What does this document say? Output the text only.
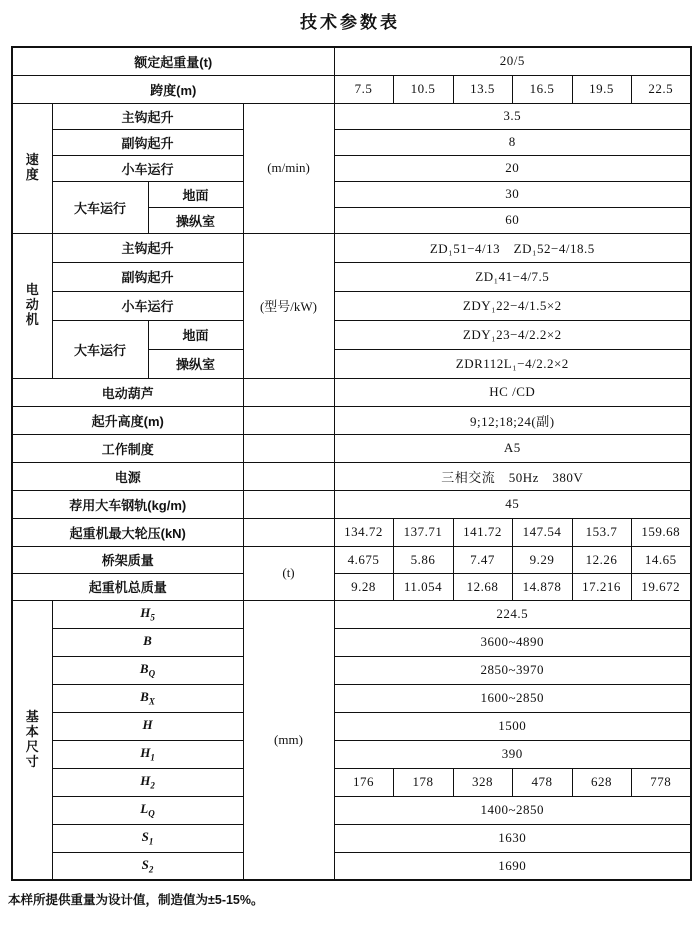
技术参数表
额定起重量(t)				20/5					
跨度(m)				7.5	10.5	13.5	16.5	19.5	22.5

速度	主钩起升		(m/min)	3.5					
	副钩起升			8					
	小车运行			20					
	大车运行	地面		30					
		操纵室		60					

电动机	主钩起升		(型号/kW)	ZD₁51−4/13　ZD₁52−4/18.5					
	副钩起升			ZD₁41−4/7.5					
	小车运行			ZDY₁22−4/1.5×2					
	大车运行	地面		ZDY₁23−4/2.2×2					
		操纵室		ZDR112L₁−4/2.2×2					
电动葫芦				HC /CD					
起升高度(m)				9;12;18;24(副)					
工作制度				A5					
电源				三相交流　50Hz　380V					
荐用大车钢轨(kg/m)				45					
起重机最大轮压(kN)				134.72	137.71	141.72	147.54	153.7	159.68
桥架质量			(t)	4.675	5.86	7.47	9.29	12.26	14.65
起重机总质量				9.28	11.054	12.68	14.878	17.216	19.672

基本尺寸	$H_5$		(mm)	224.5					
	B			3600~4890					
	$B_Q$			2850~3970					
	$B_X$			1600~2850					
	H			1500					
	$H_1$			390					
	$H_2$			176	178	328	478	628	778
	$L_Q$			1400~2850					
	$S_1$			1630					
	$S_2$			1690					
本样所提供重量为设计值，制造值为±5-15%。
